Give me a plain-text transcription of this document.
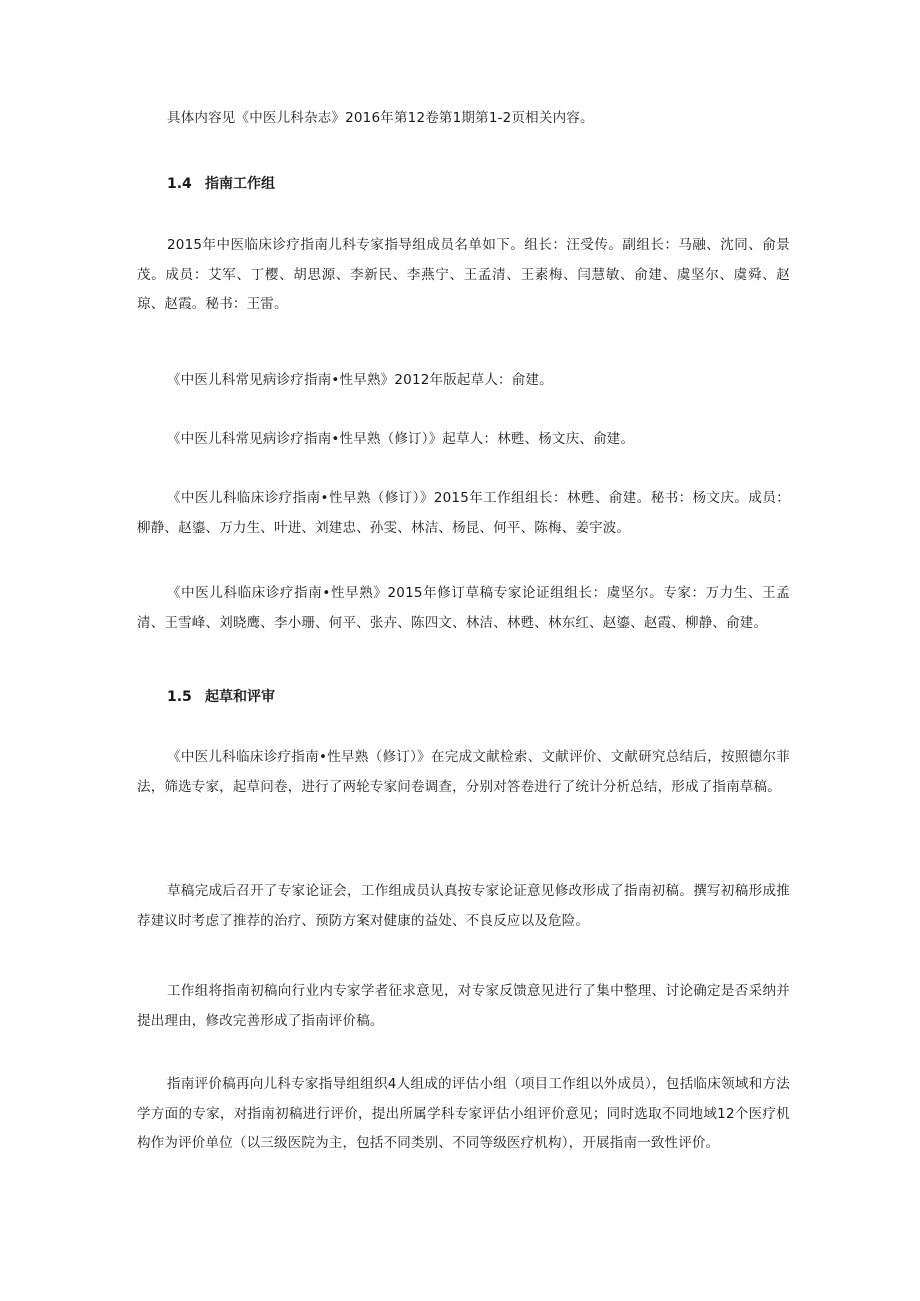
具体内容见《中医儿科杂志》2016年第12卷第1期第1-2页相关内容。

1.4 指南工作组

2015年中医临床诊疗指南儿科专家指导组成员名单如下。组长：汪受传。副组长：马融、沈同、俞景茂。成员：艾军、丁樱、胡思源、李新民、李燕宁、王孟清、王素梅、闫慧敏、俞建、虞坚尔、虞舜、赵琼、赵霞。秘书：王雷。

《中医儿科常见病诊疗指南•性早熟》2012年版起草人：俞建。

《中医儿科常见病诊疗指南•性早熟（修订）》起草人：林甦、杨文庆、俞建。

《中医儿科临床诊疗指南•性早熟（修订）》2015年工作组组长：林甦、俞建。秘书：杨文庆。成员：柳静、赵鎏、万力生、叶进、刘建忠、孙雯、林洁、杨昆、何平、陈梅、姜宇波。

《中医儿科临床诊疗指南•性早熟》2015年修订草稿专家论证组组长：虞坚尔。专家：万力生、王孟清、王雪峰、刘晓鹰、李小珊、何平、张卉、陈四文、林洁、林甦、林东红、赵鎏、赵霞、柳静、俞建。

1.5 起草和评审

《中医儿科临床诊疗指南•性早熟（修订）》在完成文献检索、文献评价、文献研究总结后，按照德尔菲法，筛选专家，起草问卷，进行了两轮专家问卷调查，分别对答卷进行了统计分析总结，形成了指南草稿。

草稿完成后召开了专家论证会，工作组成员认真按专家论证意见修改形成了指南初稿。撰写初稿形成推荐建议时考虑了推荐的治疗、预防方案对健康的益处、不良反应以及危险。

工作组将指南初稿向行业内专家学者征求意见，对专家反馈意见进行了集中整理、讨论确定是否采纳并提出理由，修改完善形成了指南评价稿。

指南评价稿再向儿科专家指导组组织4人组成的评估小组（项目工作组以外成员），包括临床领域和方法学方面的专家，对指南初稿进行评价，提出所属学科专家评估小组评价意见；同时选取不同地域12个医疗机构作为评价单位（以三级医院为主，包括不同类别、不同等级医疗机构），开展指南一致性评价。
